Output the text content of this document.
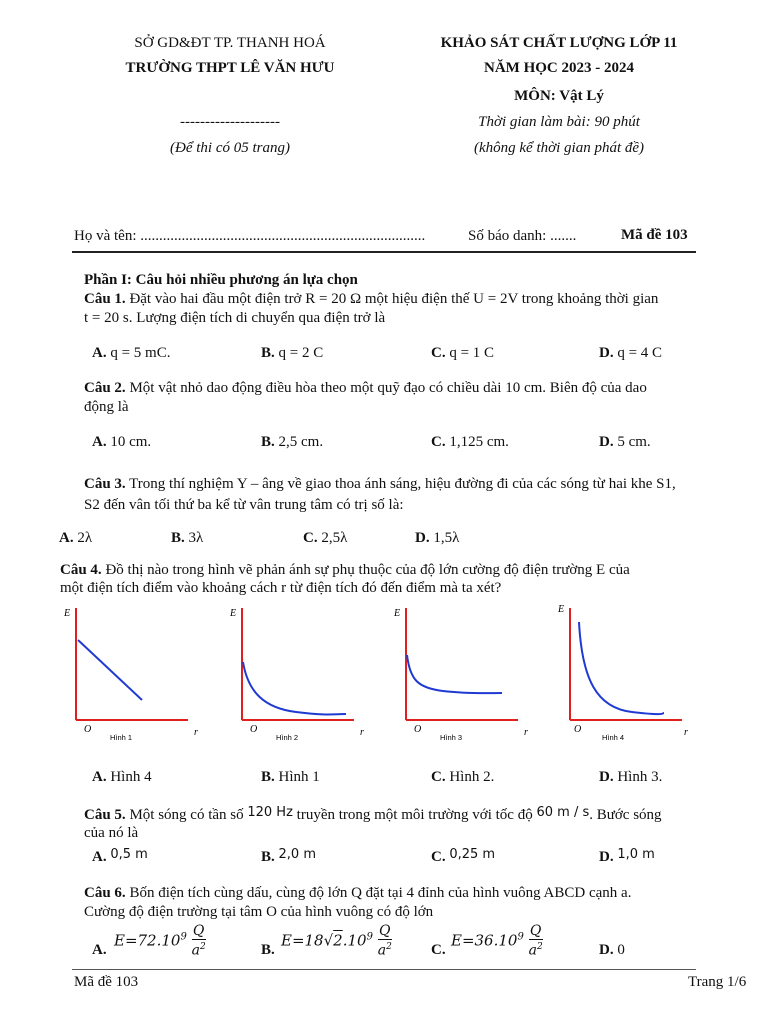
SỞ GD&ĐT TP. THANH HOÁ
TRƯỜNG THPT LÊ VĂN HƯU
--------------------
(Để thi có 05 trang)
KHẢO SÁT CHẤT LƯỢNG LỚP 11
NĂM HỌC 2023 - 2024
MÔN: Vật Lý
Thời gian làm bài: 90 phút
(không kể thời gian phát đề)
Họ và tên: ............................................................................	Số báo danh: .......	Mã đề 103
Phần I: Câu hỏi nhiều phương án lựa chọn
Câu 1. Đặt vào hai đầu một điện trở R = 20 Ω một hiệu điện thế U = 2V trong khoảng thời gian
t = 20 s. Lượng điện tích di chuyển qua điện trở là
A. q = 5 mC.	B. q = 2 C	C. q = 1 C	D. q = 4 C
Câu 2. Một vật nhỏ dao động điều hòa theo một quỹ đạo có chiều dài 10 cm. Biên độ của dao
động là
A. 10 cm.	B. 2,5 cm.	C. 1,125 cm.	D. 5 cm.
Câu 3. Trong thí nghiệm Y – âng về giao thoa ánh sáng, hiệu đường đi của các sóng từ hai khe S1,
S2 đến vân tối thứ ba kể từ vân trung tâm có trị số là:
A. 2λ	B. 3λ	C. 2,5λ	D. 1,5λ
Câu 4. Đồ thị nào trong hình vẽ phản ánh sự phụ thuộc của độ lớn cường độ điện trường E của
một điện tích điểm vào khoảng cách r từ điện tích đó đến điểm mà ta xét?
E
O	r
Hình 1
E
O	r
Hình 2
E
O	r
Hình 3
E
O	r
Hình 4
A. Hình 4	B. Hình 1	C. Hình 2.	D. Hình 3.
Câu 5. Một sóng có tần số 120 Hz truyền trong một môi trường với tốc độ 60 m / s. Bước sóng
của nó là
A. 0,5 m	B. 2,0 m	C. 0,25 m	D. 1,0 m
Câu 6. Bốn điện tích cùng dấu, cùng độ lớn Q đặt tại 4 đỉnh của hình vuông ABCD cạnh a.
Cường độ điện trường tại tâm O của hình vuông có độ lớn
A.
$E=72.10^9 \frac{Q}{a^2}$	B.
$E=18√2.10^9 \frac{Q}{a^2}$	C.
$E=36.10^9 \frac{Q}{a^2}$	D. 0
Mã đề 103	Trang 1/6
